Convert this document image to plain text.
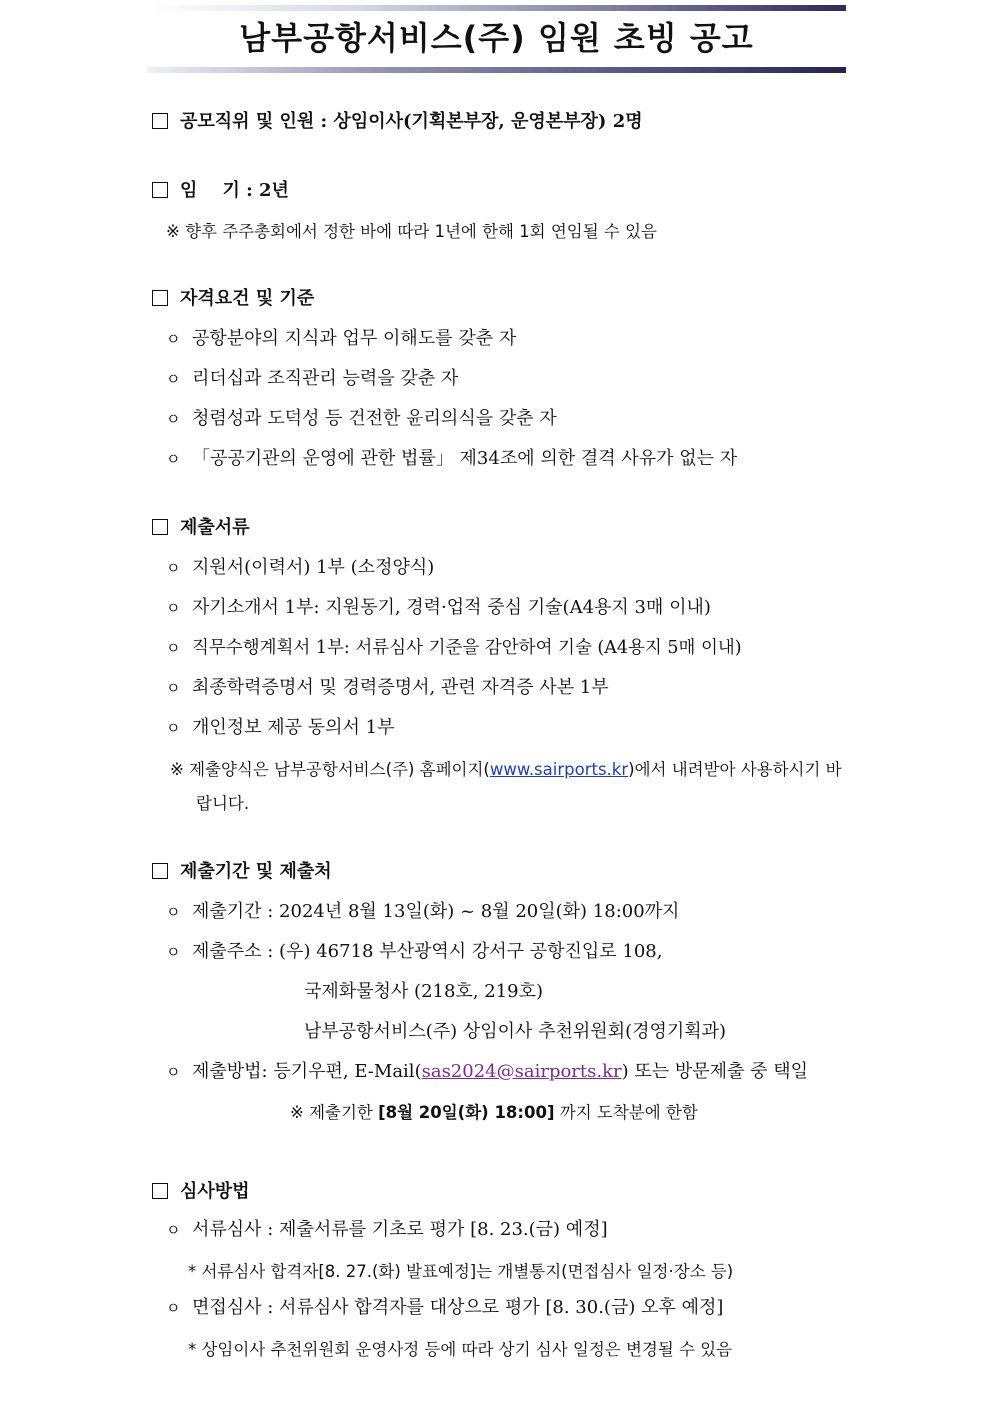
남부공항서비스(주) 임원 초빙 공고
공모직위 및 인원 : 상임이사(기획본부장, 운영본부장) 2명
임    기 : 2년
※ 향후 주주총회에서 정한 바에 따라 1년에 한해 1회 연임될 수 있음
자격요건 및 기준
ㅇ 공항분야의 지식과 업무 이해도를 갖춘 자
ㅇ 리더십과 조직관리 능력을 갖춘 자
ㅇ 청렴성과 도덕성 등 건전한 윤리의식을 갖춘 자
ㅇ 「공공기관의 운영에 관한 법률」 제34조에 의한 결격 사유가 없는 자
제출서류
ㅇ 지원서(이력서) 1부 (소정양식)
ㅇ 자기소개서 1부: 지원동기, 경력·업적 중심 기술(A4용지 3매 이내)
ㅇ 직무수행계획서 1부: 서류심사 기준을 감안하여 기술 (A4용지 5매 이내)
ㅇ 최종학력증명서 및 경력증명서, 관련 자격증 사본 1부
ㅇ 개인정보 제공 동의서 1부
※ 제출양식은 남부공항서비스(주) 홈페이지(www.sairports.kr)에서 내려받아 사용하시기 바
랍니다.
제출기간 및 제출처
ㅇ 제출기간 : 2024년 8월 13일(화) ~ 8월 20일(화) 18:00까지
ㅇ 제출주소 : (우) 46718 부산광역시 강서구 공항진입로 108,
국제화물청사 (218호, 219호)
남부공항서비스(주) 상임이사 추천위원회(경영기획과)
ㅇ 제출방법: 등기우편, E-Mail(sas2024@sairports.kr) 또는 방문제출 중 택일
※ 제출기한 [8월 20일(화) 18:00] 까지 도착분에 한함
심사방법
ㅇ 서류심사 : 제출서류를 기초로 평가 [8. 23.(금) 예정]
* 서류심사 합격자[8. 27.(화) 발표예정]는 개별통지(면접심사 일정·장소 등)
ㅇ 면접심사 : 서류심사 합격자를 대상으로 평가 [8. 30.(금) 오후 예정]
* 상임이사 추천위원회 운영사정 등에 따라 상기 심사 일정은 변경될 수 있음
